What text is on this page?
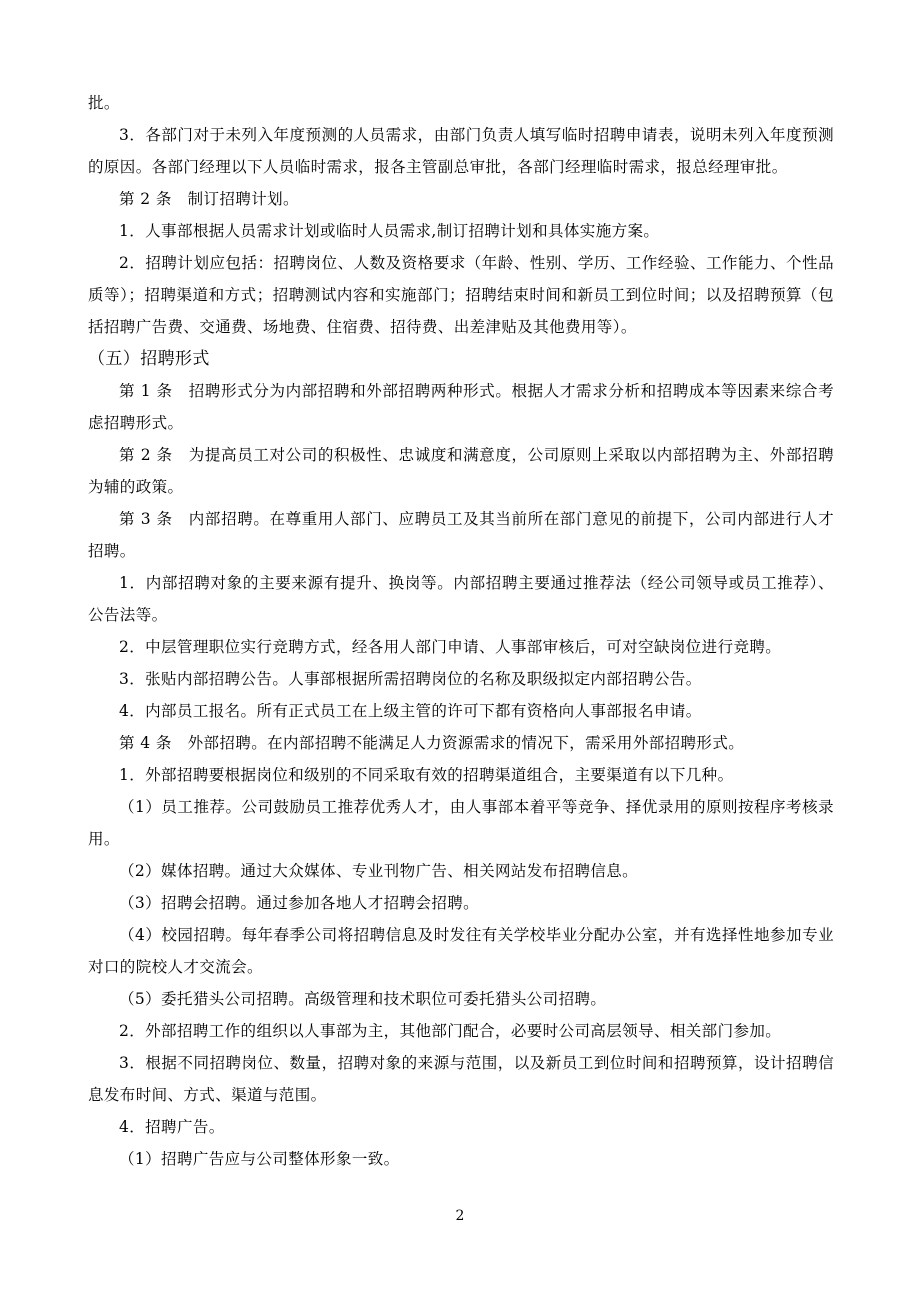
批。

3．各部门对于未列入年度预测的人员需求，由部门负责人填写临时招聘申请表，说明未列入年度预测的原因。各部门经理以下人员临时需求，报各主管副总审批，各部门经理临时需求，报总经理审批。

第 2 条　制订招聘计划。

1．人事部根据人员需求计划或临时人员需求,制订招聘计划和具体实施方案。

2．招聘计划应包括：招聘岗位、人数及资格要求（年龄、性别、学历、工作经验、工作能力、个性品质等）；招聘渠道和方式；招聘测试内容和实施部门；招聘结束时间和新员工到位时间；以及招聘预算（包括招聘广告费、交通费、场地费、住宿费、招待费、出差津贴及其他费用等）。

（五）招聘形式

第 1 条　招聘形式分为内部招聘和外部招聘两种形式。根据人才需求分析和招聘成本等因素来综合考虑招聘形式。

第 2 条　为提高员工对公司的积极性、忠诚度和满意度，公司原则上采取以内部招聘为主、外部招聘为辅的政策。

第 3 条　内部招聘。在尊重用人部门、应聘员工及其当前所在部门意见的前提下，公司内部进行人才招聘。

1．内部招聘对象的主要来源有提升、换岗等。内部招聘主要通过推荐法（经公司领导或员工推荐）、公告法等。

2．中层管理职位实行竞聘方式，经各用人部门申请、人事部审核后，可对空缺岗位进行竞聘。

3．张贴内部招聘公告。人事部根据所需招聘岗位的名称及职级拟定内部招聘公告。

4．内部员工报名。所有正式员工在上级主管的许可下都有资格向人事部报名申请。

第 4 条　外部招聘。在内部招聘不能满足人力资源需求的情况下，需采用外部招聘形式。

1．外部招聘要根据岗位和级别的不同采取有效的招聘渠道组合，主要渠道有以下几种。

（1）员工推荐。公司鼓励员工推荐优秀人才，由人事部本着平等竞争、择优录用的原则按程序考核录用。

（2）媒体招聘。通过大众媒体、专业刊物广告、相关网站发布招聘信息。

（3）招聘会招聘。通过参加各地人才招聘会招聘。

（4）校园招聘。每年春季公司将招聘信息及时发往有关学校毕业分配办公室，并有选择性地参加专业对口的院校人才交流会。

（5）委托猎头公司招聘。高级管理和技术职位可委托猎头公司招聘。

2．外部招聘工作的组织以人事部为主，其他部门配合，必要时公司高层领导、相关部门参加。

3．根据不同招聘岗位、数量，招聘对象的来源与范围，以及新员工到位时间和招聘预算，设计招聘信息发布时间、方式、渠道与范围。

4．招聘广告。

（1）招聘广告应与公司整体形象一致。

2
